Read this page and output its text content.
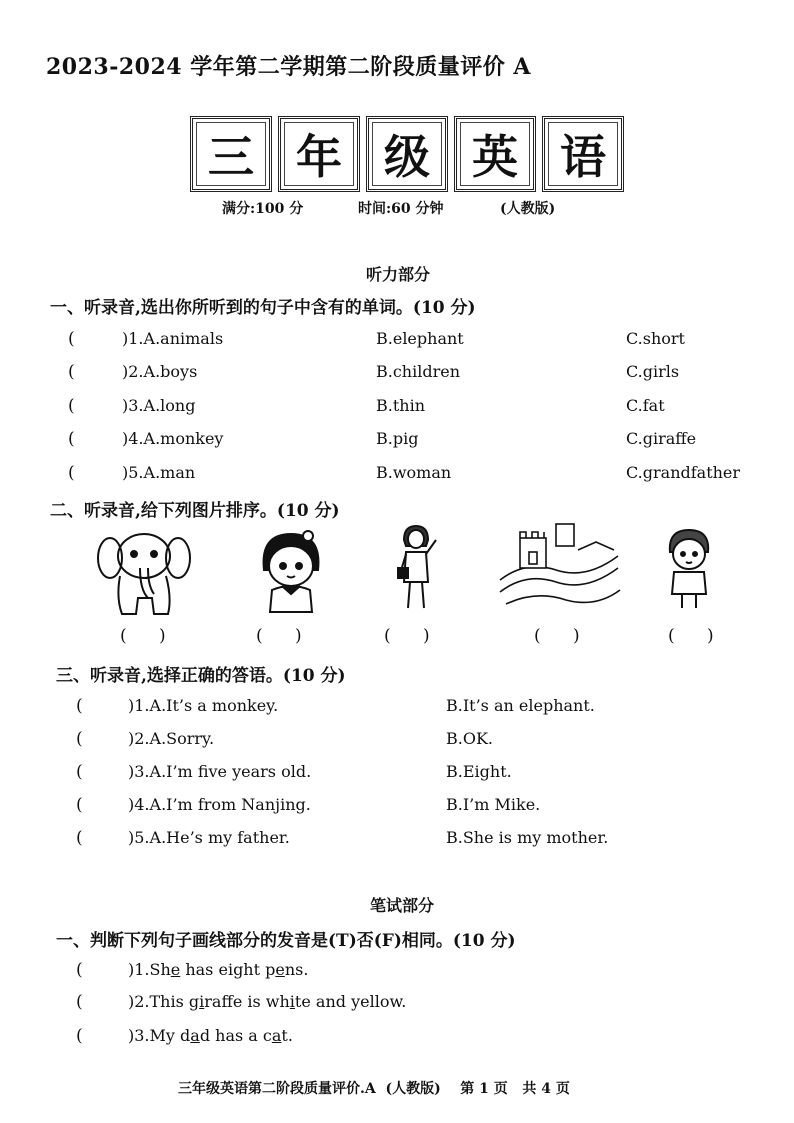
2023-2024 学年第二学期第二阶段质量评价 A
三 年 级 英 语
满分:100 分	时间:60 分钟	(人教版)
听力部分
一、听录音,选出你所听到的句子中含有的单词。(10 分)
(	)1.A.animals	B.elephant	C.short
(	)2.A.boys	B.children	C.girls
(	)3.A.long	B.thin	C.fat
(	)4.A.monkey	B.pig	C.giraffe
(	)5.A.man	B.woman	C.grandfather
二、听录音,给下列图片排序。(10 分)
(      )	(      )	(      )	(      )	(      )
三、听录音,选择正确的答语。(10 分)
(	)1.A.It’s a monkey.	B.It’s an elephant.
(	)2.A.Sorry.	B.OK.
(	)3.A.I’m five years old.	B.Eight.
(	)4.A.I’m from Nanjing.	B.I’m Mike.
(	)5.A.He’s my father.	B.She is my mother.
笔试部分
一、判断下列句子画线部分的发音是(T)否(F)相同。(10 分)
(	)1.She has eight pens.
(	)2.This giraffe is white and yellow.
(	)3.My dad has a cat.
三年级英语第二阶段质量评价.A (人教版) 第 1 页 共 4 页
